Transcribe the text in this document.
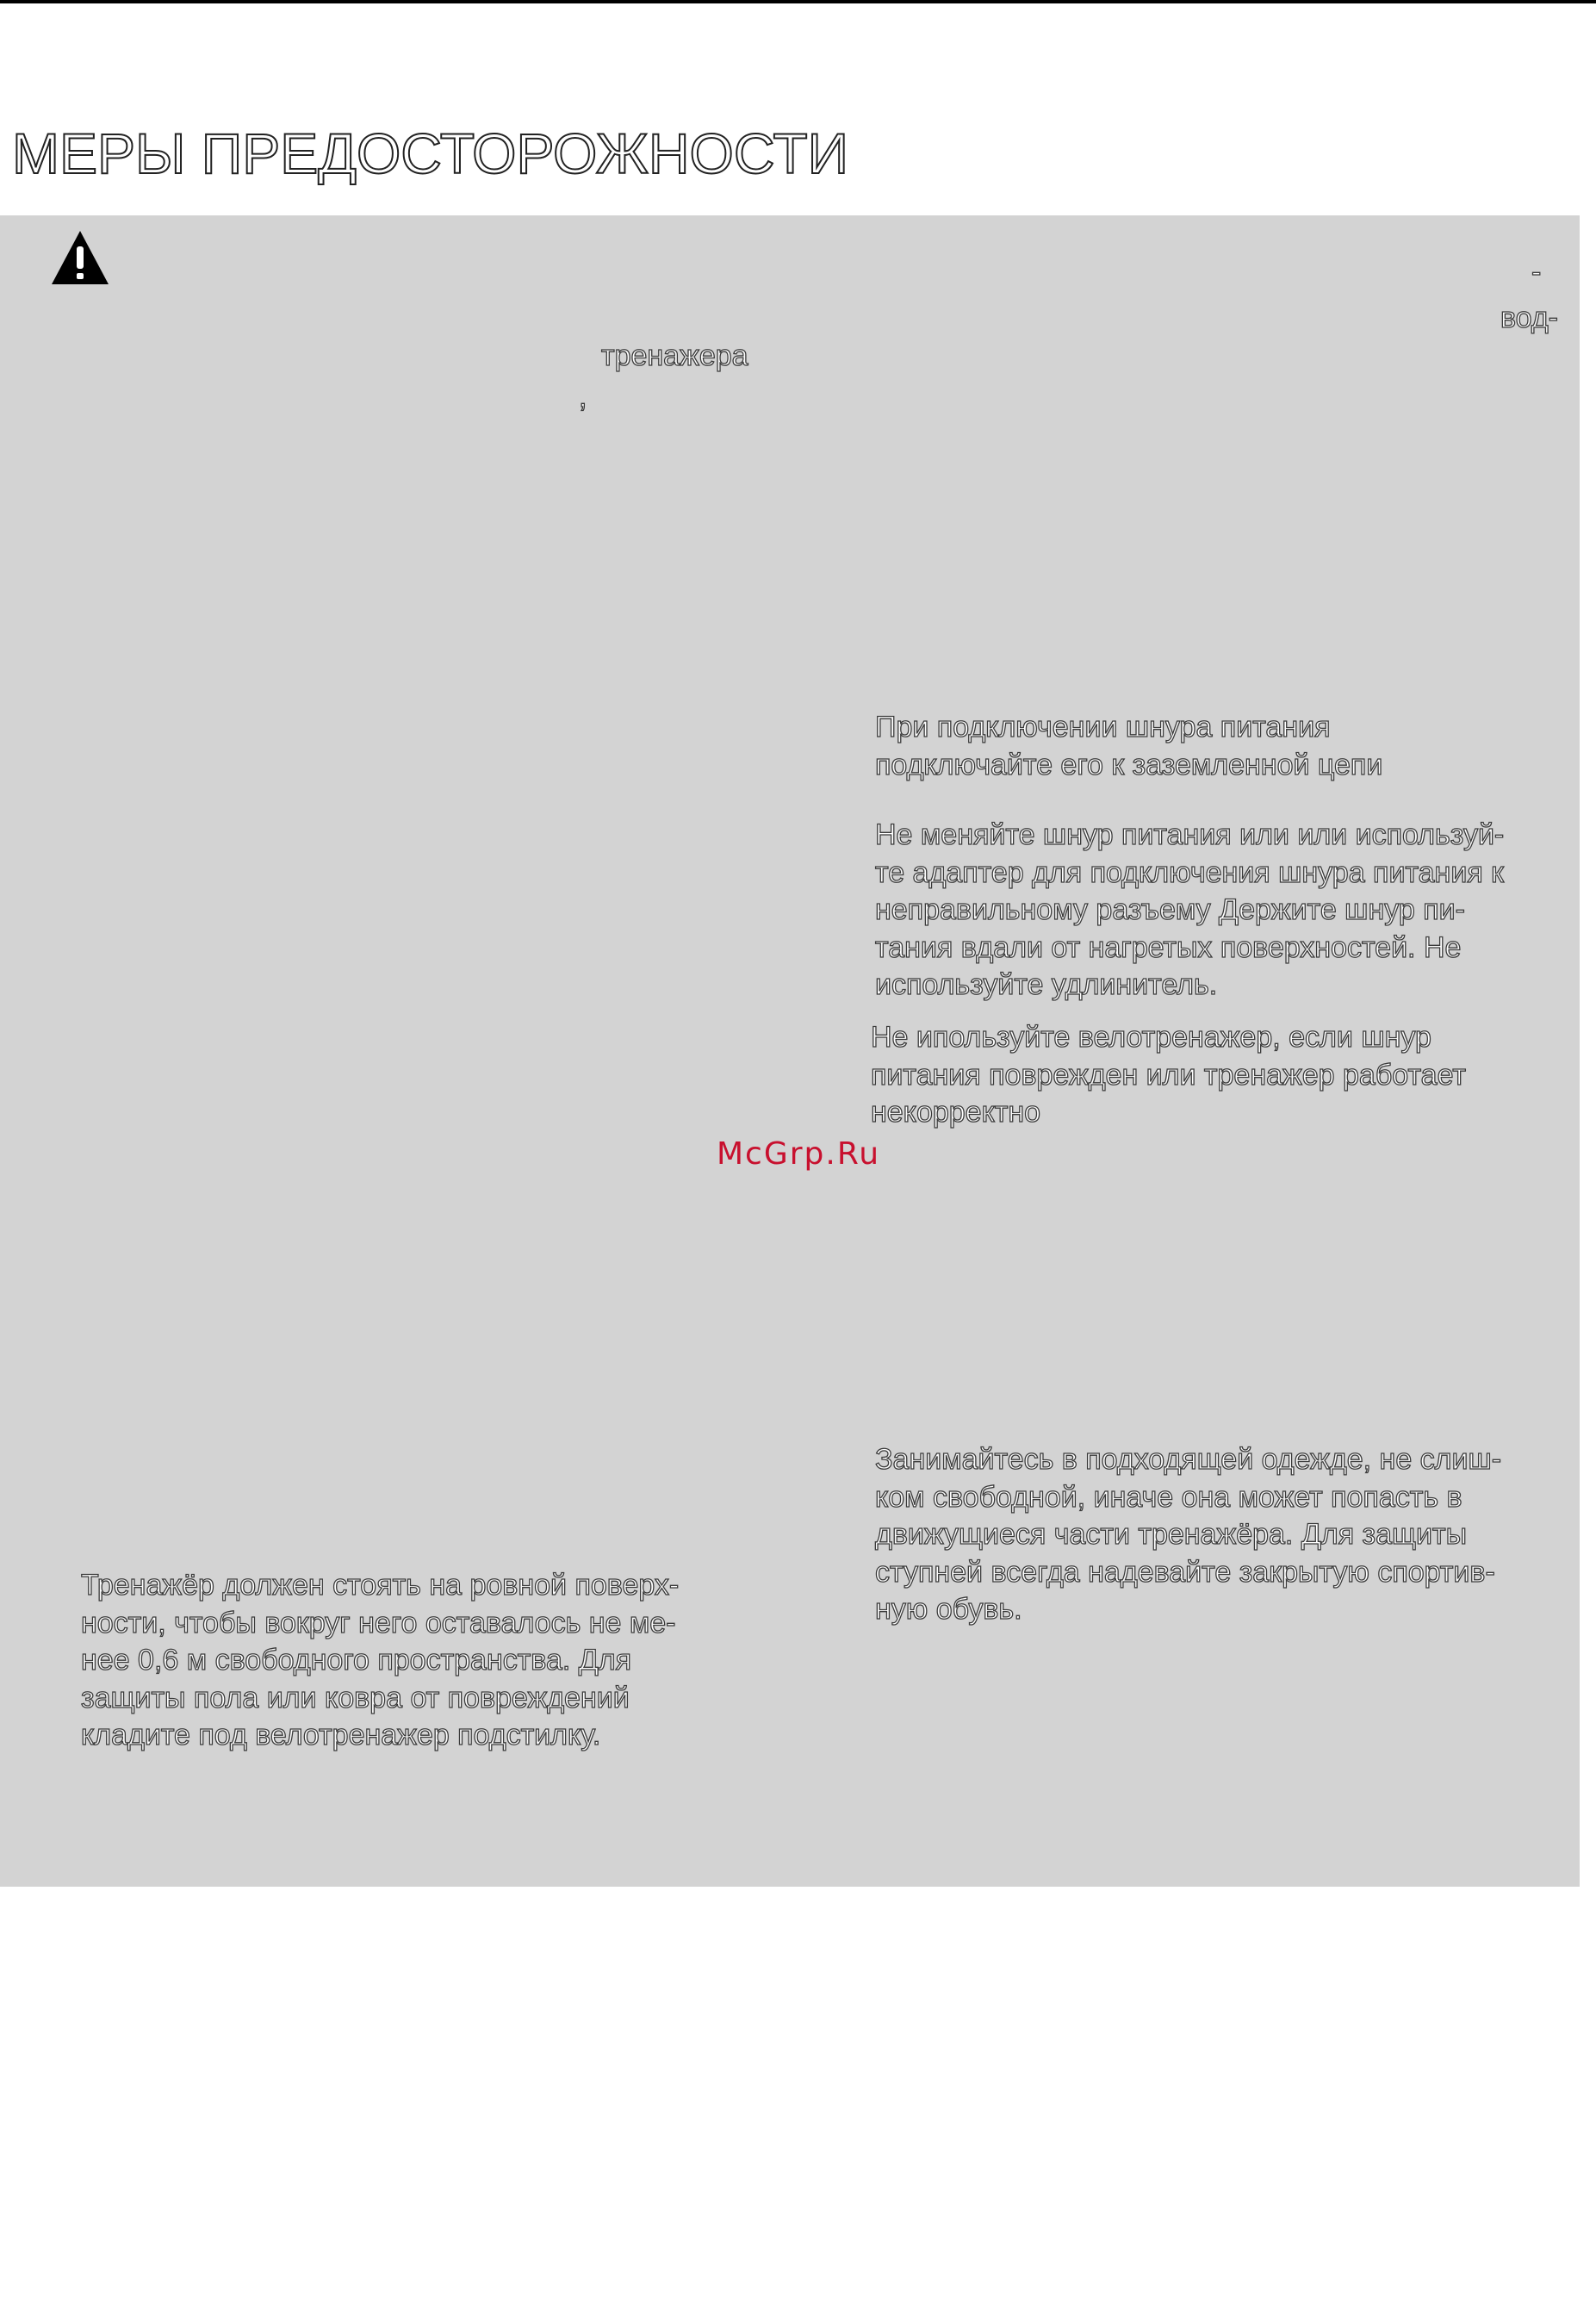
МЕРЫ ПРЕДОСТОРОЖНОСТИ

-

вод-

тренажера

,

При подключении шнура питания
подключайте его к заземленной цепи
Не меняйте шнур питания или или используй-
те адаптер для подключения шнура питания к
неправильному разъему Держите шнур пи-
тания вдали от нагретых поверхностей. Не
используйте удлинитель.
Не ипользуйте велотренажер, если шнур
питания поврежден или тренажер работает
некорректно
McGrp.Ru
Занимайтесь в подходящей одежде, не слиш-
ком свободной, иначе она может попасть в
движущиеся части тренажёра. Для защиты
ступней всегда надевайте закрытую спортив-
ную обувь.
Тренажёр должен стоять на ровной поверх-
ности, чтобы вокруг него оставалось не ме-
нее 0,6 м свободного пространства. Для
защиты пола или ковра от повреждений
кладите под велотренажер подстилку.
